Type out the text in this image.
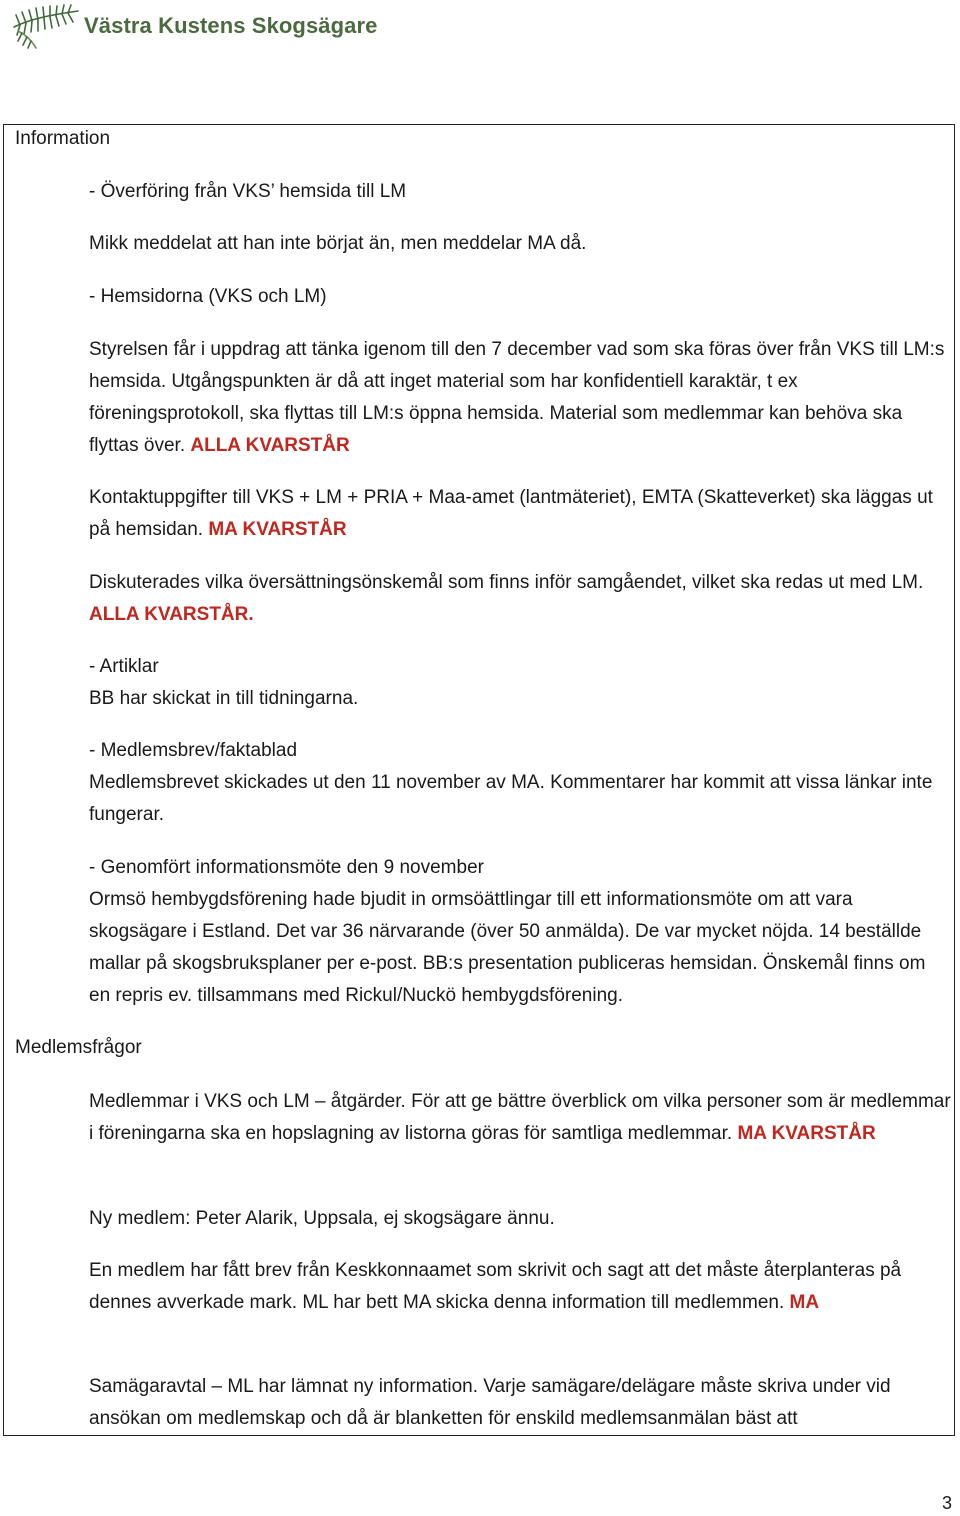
Västra Kustens Skogsägare
Information
Medlemsfrågor

- Överföring från VKS’ hemsida till LM

Mikk meddelat att han inte börjat än, men meddelar MA då.

- Hemsidorna (VKS och LM)

Styrelsen får i uppdrag att tänka igenom till den 7 december vad som ska föras över från VKS till LM:s hemsida. Utgångspunkten är då att inget material som har konfidentiell karaktär, t ex föreningsprotokoll, ska flyttas till LM:s öppna hemsida. Material som medlemmar kan behöva ska flyttas över. ALLA KVARSTÅR

Kontaktuppgifter till VKS + LM + PRIA + Maa-amet (lantmäteriet), EMTA (Skatteverket) ska läggas ut på hemsidan. MA KVARSTÅR

Diskuterades vilka översättningsönskemål som finns inför samgåendet, vilket ska redas ut med LM. ALLA KVARSTÅR.

- Artiklar
BB har skickat in till tidningarna.

- Medlemsbrev/faktablad
Medlemsbrevet skickades ut den 11 november av MA. Kommentarer har kommit att vissa länkar inte fungerar.

- Genomfört informationsmöte den 9 november
Ormsö hembygdsförening hade bjudit in ormsöättlingar till ett informationsmöte om att vara skogsägare i Estland. Det var 36 närvarande (över 50 anmälda). De var mycket nöjda. 14 beställde mallar på skogsbruksplaner per e-post. BB:s presentation publiceras hemsidan. Önskemål finns om en repris ev. tillsammans med Rickul/Nuckö hembygdsförening.

Medlemmar i VKS och LM – åtgärder. För att ge bättre överblick om vilka personer som är medlemmar i föreningarna ska en hopslagning av listorna göras för samtliga medlemmar. MA KVARSTÅR

Ny medlem: Peter Alarik, Uppsala, ej skogsägare ännu.

En medlem har fått brev från Keskkonnaamet som skrivit och sagt att det måste återplanteras på dennes avverkade mark. ML har bett MA skicka denna information till medlemmen. MA

Samägaravtal – ML har lämnat ny information. Varje samägare/delägare måste skriva under vid ansökan om medlemskap och då är blanketten för enskild medlemsanmälan bäst att

3
